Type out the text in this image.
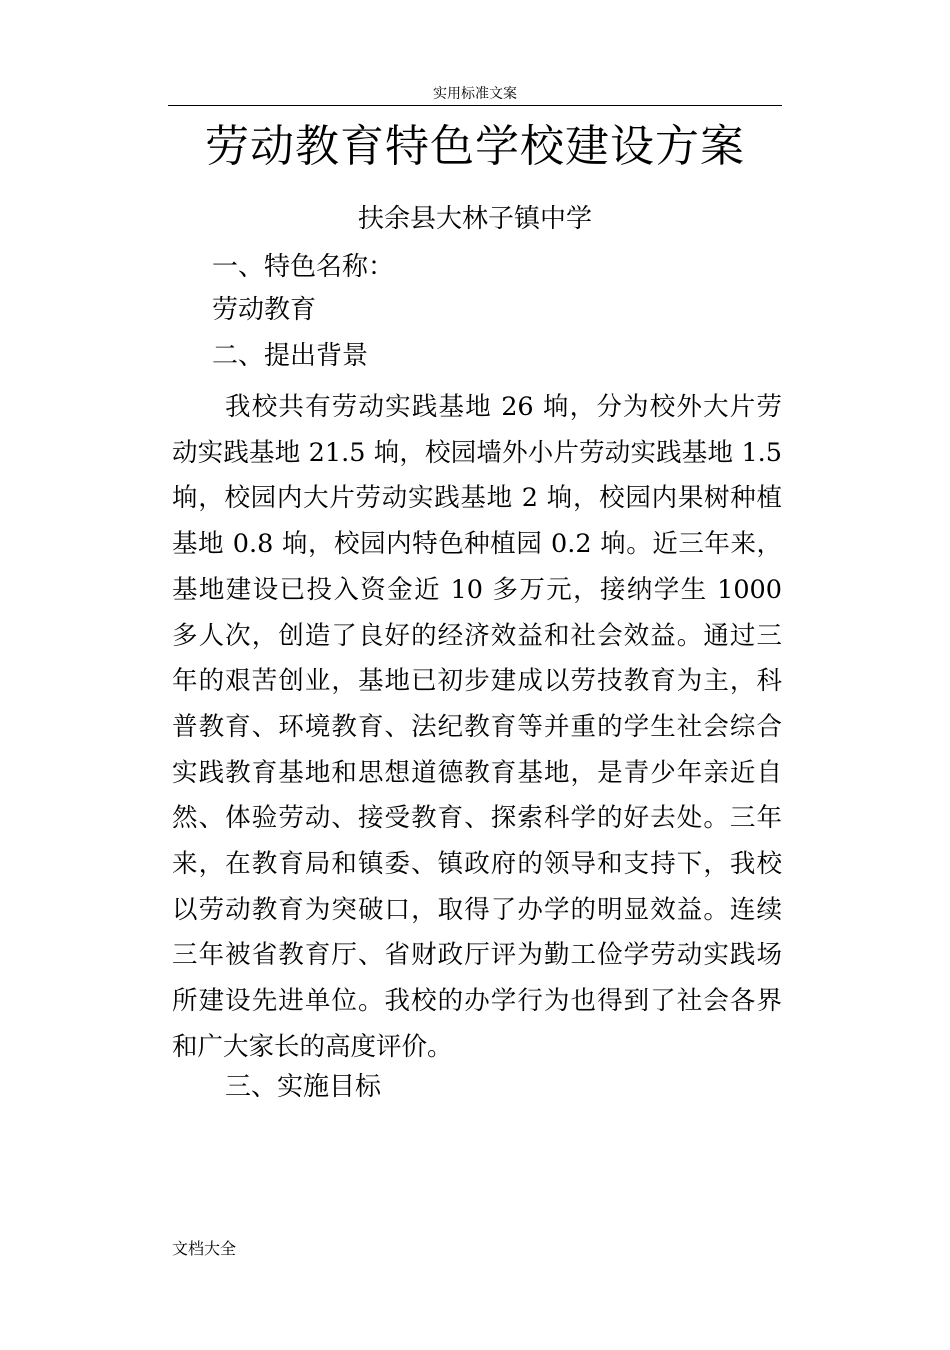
实用标准文案
劳动教育特色学校建设方案
扶余县大林子镇中学
一、特色名称：
劳动教育
二、提出背景
我校共有劳动实践基地 26 垧，分为校外大片劳动实践基地 21.5 垧，校园墙外小片劳动实践基地 1.5 垧，校园内大片劳动实践基地 2 垧，校园内果树种植基地 0.8 垧，校园内特色种植园 0.2 垧。近三年来，基地建设已投入资金近 10 多万元，接纳学生 1000 多人次，创造了良好的经济效益和社会效益。通过三年的艰苦创业，基地已初步建成以劳技教育为主，科普教育、环境教育、法纪教育等并重的学生社会综合实践教育基地和思想道德教育基地，是青少年亲近自然、体验劳动、接受教育、探索科学的好去处。三年来，在教育局和镇委、镇政府的领导和支持下，我校以劳动教育为突破口，取得了办学的明显效益。连续三年被省教育厅、省财政厅评为勤工俭学劳动实践场所建设先进单位。我校的办学行为也得到了社会各界和广大家长的高度评价。
三、实施目标
文档大全
